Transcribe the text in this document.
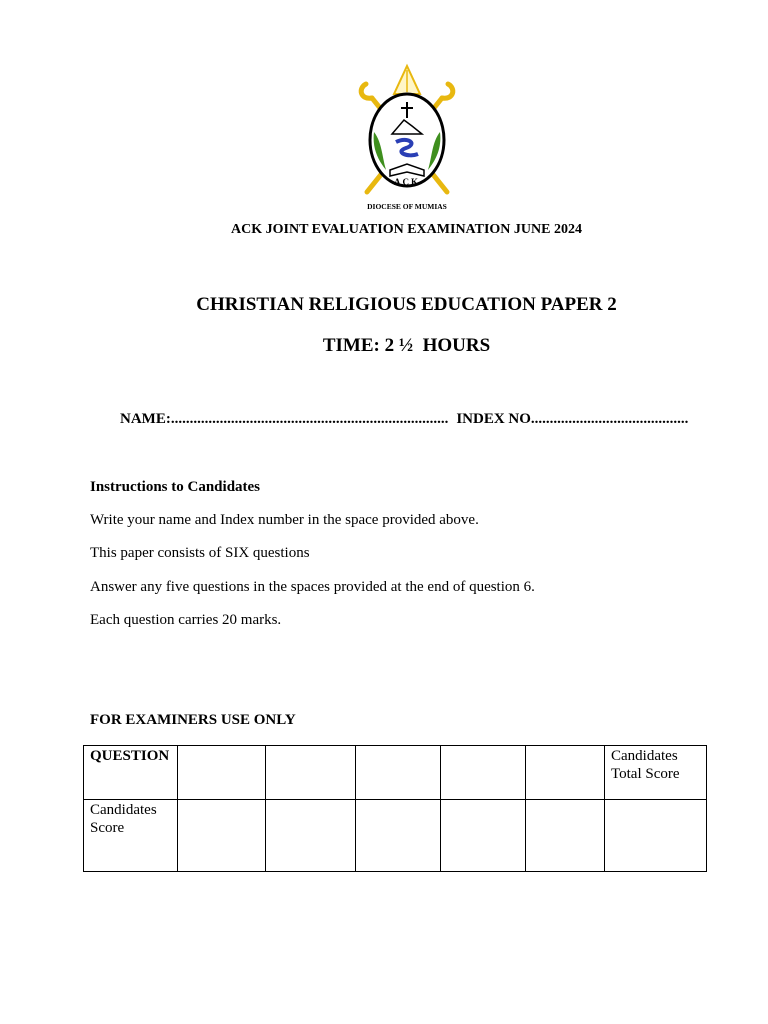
ACK
DIOCESE OF MUMIAS
ACK JOINT EVALUATION EXAMINATION JUNE 2024
CHRISTIAN RELIGIOUS EDUCATION PAPER 2
TIME: 2 ½  HOURS
NAME:.......................................................................... INDEX NO..........................................
Instructions to Candidates
Write your name and Index number in the space provided above.
This paper consists of SIX questions
Answer any five questions in the spaces provided at the end of question 6.
Each question carries 20 marks.
FOR EXAMINERS USE ONLY
QUESTION						Candidates Total Score
Candidates Score						
